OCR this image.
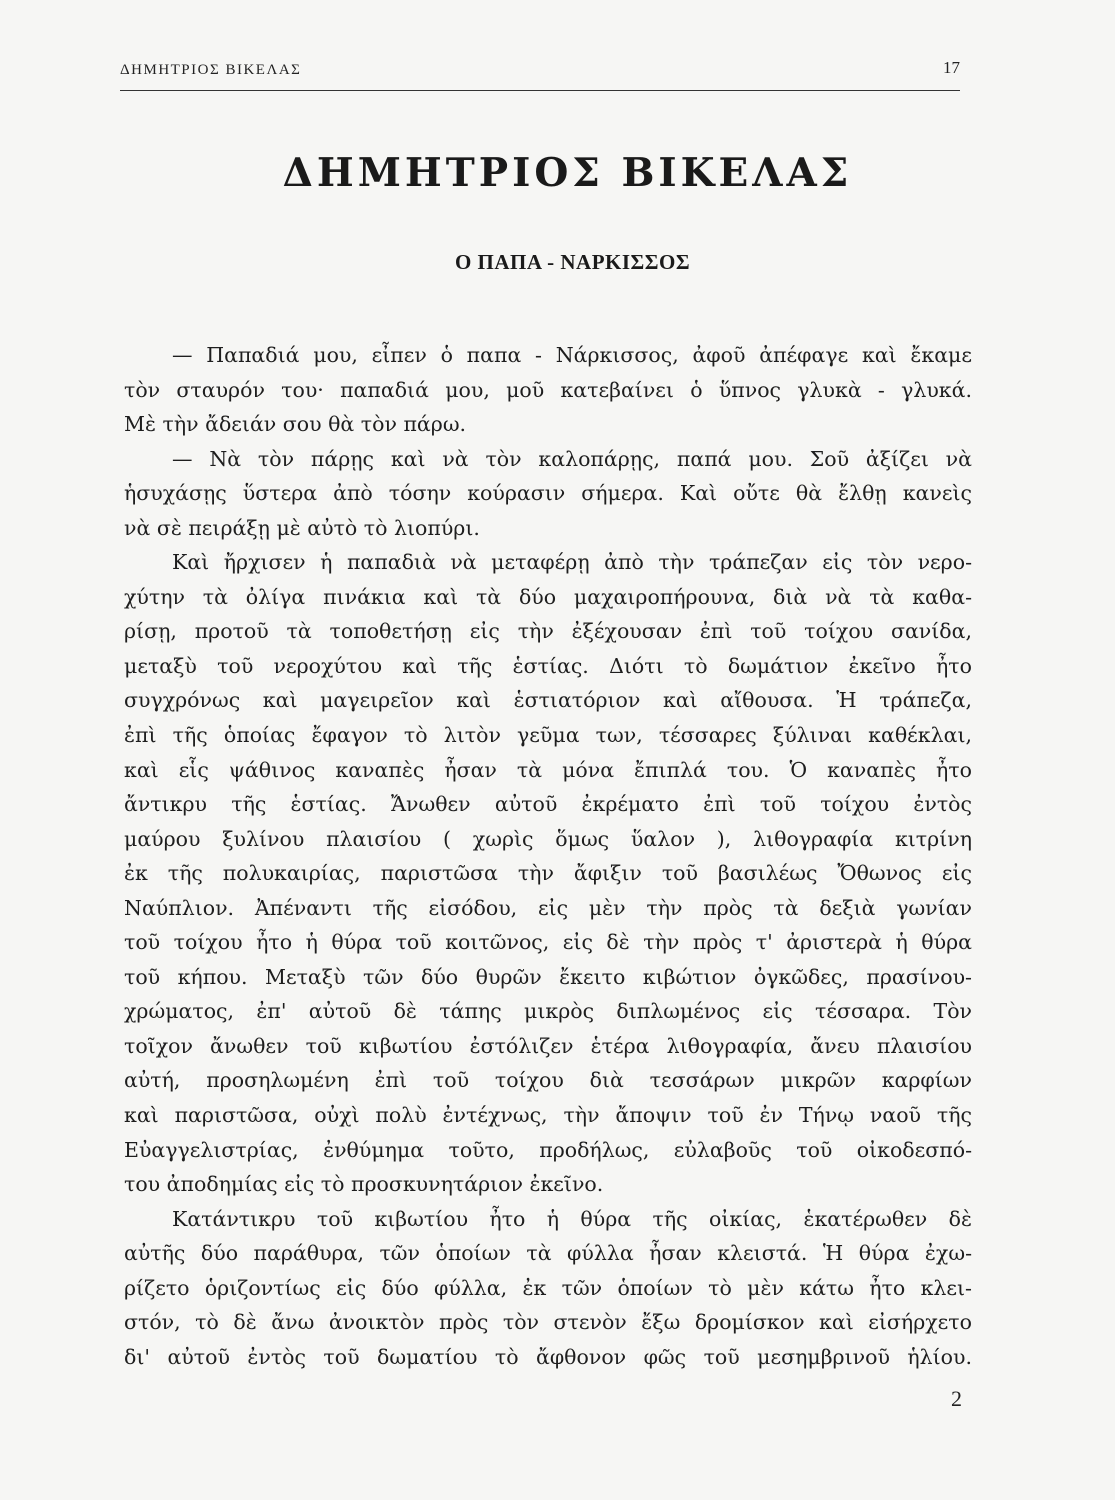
ΔΗΜΗΤΡΙΟΣ ΒΙΚΕΛΑΣ	17
ΔΗΜΗΤΡΙΟΣ ΒΙΚΕΛΑΣ
Ο ΠΑΠΑ - ΝΑΡΚΙΣΣΟΣ
— Παπαδιά μου, εἶπεν ὁ παπα - Νάρκισσος, ἀφοῦ ἀπέφαγε καὶ ἔκαμε
τὸν σταυρόν του· παπαδιά μου, μοῦ κατεβαίνει ὁ ὕπνος γλυκὰ - γλυκά.
Μὲ τὴν ἄδειάν σου θὰ τὸν πάρω.
— Νὰ τὸν πάρῃς καὶ νὰ τὸν καλοπάρῃς, παπά μου. Σοῦ ἀξίζει νὰ
ἡσυχάσῃς ὕστερα ἀπὸ τόσην κούρασιν σήμερα. Καὶ οὔτε θὰ ἔλθῃ κανεὶς
νὰ σὲ πειράξῃ μὲ αὐτὸ τὸ λιοπύρι.
Καὶ ἤρχισεν ἡ παπαδιὰ νὰ μεταφέρῃ ἀπὸ τὴν τράπεζαν εἰς τὸν νερο-
χύτην τὰ ὀλίγα πινάκια καὶ τὰ δύο μαχαιροπήρουνα, διὰ νὰ τὰ καθα-
ρίσῃ, προτοῦ τὰ τοποθετήσῃ εἰς τὴν ἐξέχουσαν ἐπὶ τοῦ τοίχου σανίδα,
μεταξὺ τοῦ νεροχύτου καὶ τῆς ἑστίας. Διότι τὸ δωμάτιον ἐκεῖνο ἦτο
συγχρόνως καὶ μαγειρεῖον καὶ ἑστιατόριον καὶ αἴθουσα. Ἡ τράπεζα,
ἐπὶ τῆς ὁποίας ἔφαγον τὸ λιτὸν γεῦμα των, τέσσαρες ξύλιναι καθέκλαι,
καὶ εἷς ψάθινος καναπὲς ἦσαν τὰ μόνα ἔπιπλά του. Ὁ καναπὲς ἦτο
ἄντικρυ τῆς ἑστίας. Ἄνωθεν αὐτοῦ ἐκρέματο ἐπὶ τοῦ τοίχου ἐντὸς
μαύρου ξυλίνου πλαισίου ( χωρὶς ὅμως ὕαλον ), λιθογραφία κιτρίνη
ἐκ τῆς πολυκαιρίας, παριστῶσα τὴν ἄφιξιν τοῦ βασιλέως Ὄθωνος εἰς
Ναύπλιον. Ἀπέναντι τῆς εἰσόδου, εἰς μὲν τὴν πρὸς τὰ δεξιὰ γωνίαν
τοῦ τοίχου ἦτο ἡ θύρα τοῦ κοιτῶνος, εἰς δὲ τὴν πρὸς τ' ἀριστερὰ ἡ θύρα
τοῦ κήπου. Μεταξὺ τῶν δύο θυρῶν ἔκειτο κιβώτιον ὀγκῶδες, πρασίνου-
χρώματος, ἐπ' αὐτοῦ δὲ τάπης μικρὸς διπλωμένος εἰς τέσσαρα. Τὸν
τοῖχον ἄνωθεν τοῦ κιβωτίου ἐστόλιζεν ἑτέρα λιθογραφία, ἄνευ πλαισίου
αὐτή, προσηλωμένη ἐπὶ τοῦ τοίχου διὰ τεσσάρων μικρῶν καρφίων
καὶ παριστῶσα, οὐχὶ πολὺ ἐντέχνως, τὴν ἄποψιν τοῦ ἐν Τήνῳ ναοῦ τῆς
Εὐαγγελιστρίας, ἐνθύμημα τοῦτο, προδήλως, εὐλαβοῦς τοῦ οἰκοδεσπό-
του ἀποδημίας εἰς τὸ προσκυνητάριον ἐκεῖνο.
Κατάντικρυ τοῦ κιβωτίου ἦτο ἡ θύρα τῆς οἰκίας, ἑκατέρωθεν δὲ
αὐτῆς δύο παράθυρα, τῶν ὁποίων τὰ φύλλα ἦσαν κλειστά. Ἡ θύρα ἐχω-
ρίζετο ὁριζοντίως εἰς δύο φύλλα, ἐκ τῶν ὁποίων τὸ μὲν κάτω ἦτο κλει-
στόν, τὸ δὲ ἄνω ἀνοικτὸν πρὸς τὸν στενὸν ἔξω δρομίσκον καὶ εἰσήρχετο
δι' αὐτοῦ ἐντὸς τοῦ δωματίου τὸ ἄφθονον φῶς τοῦ μεσημβρινοῦ ἡλίου.
2
